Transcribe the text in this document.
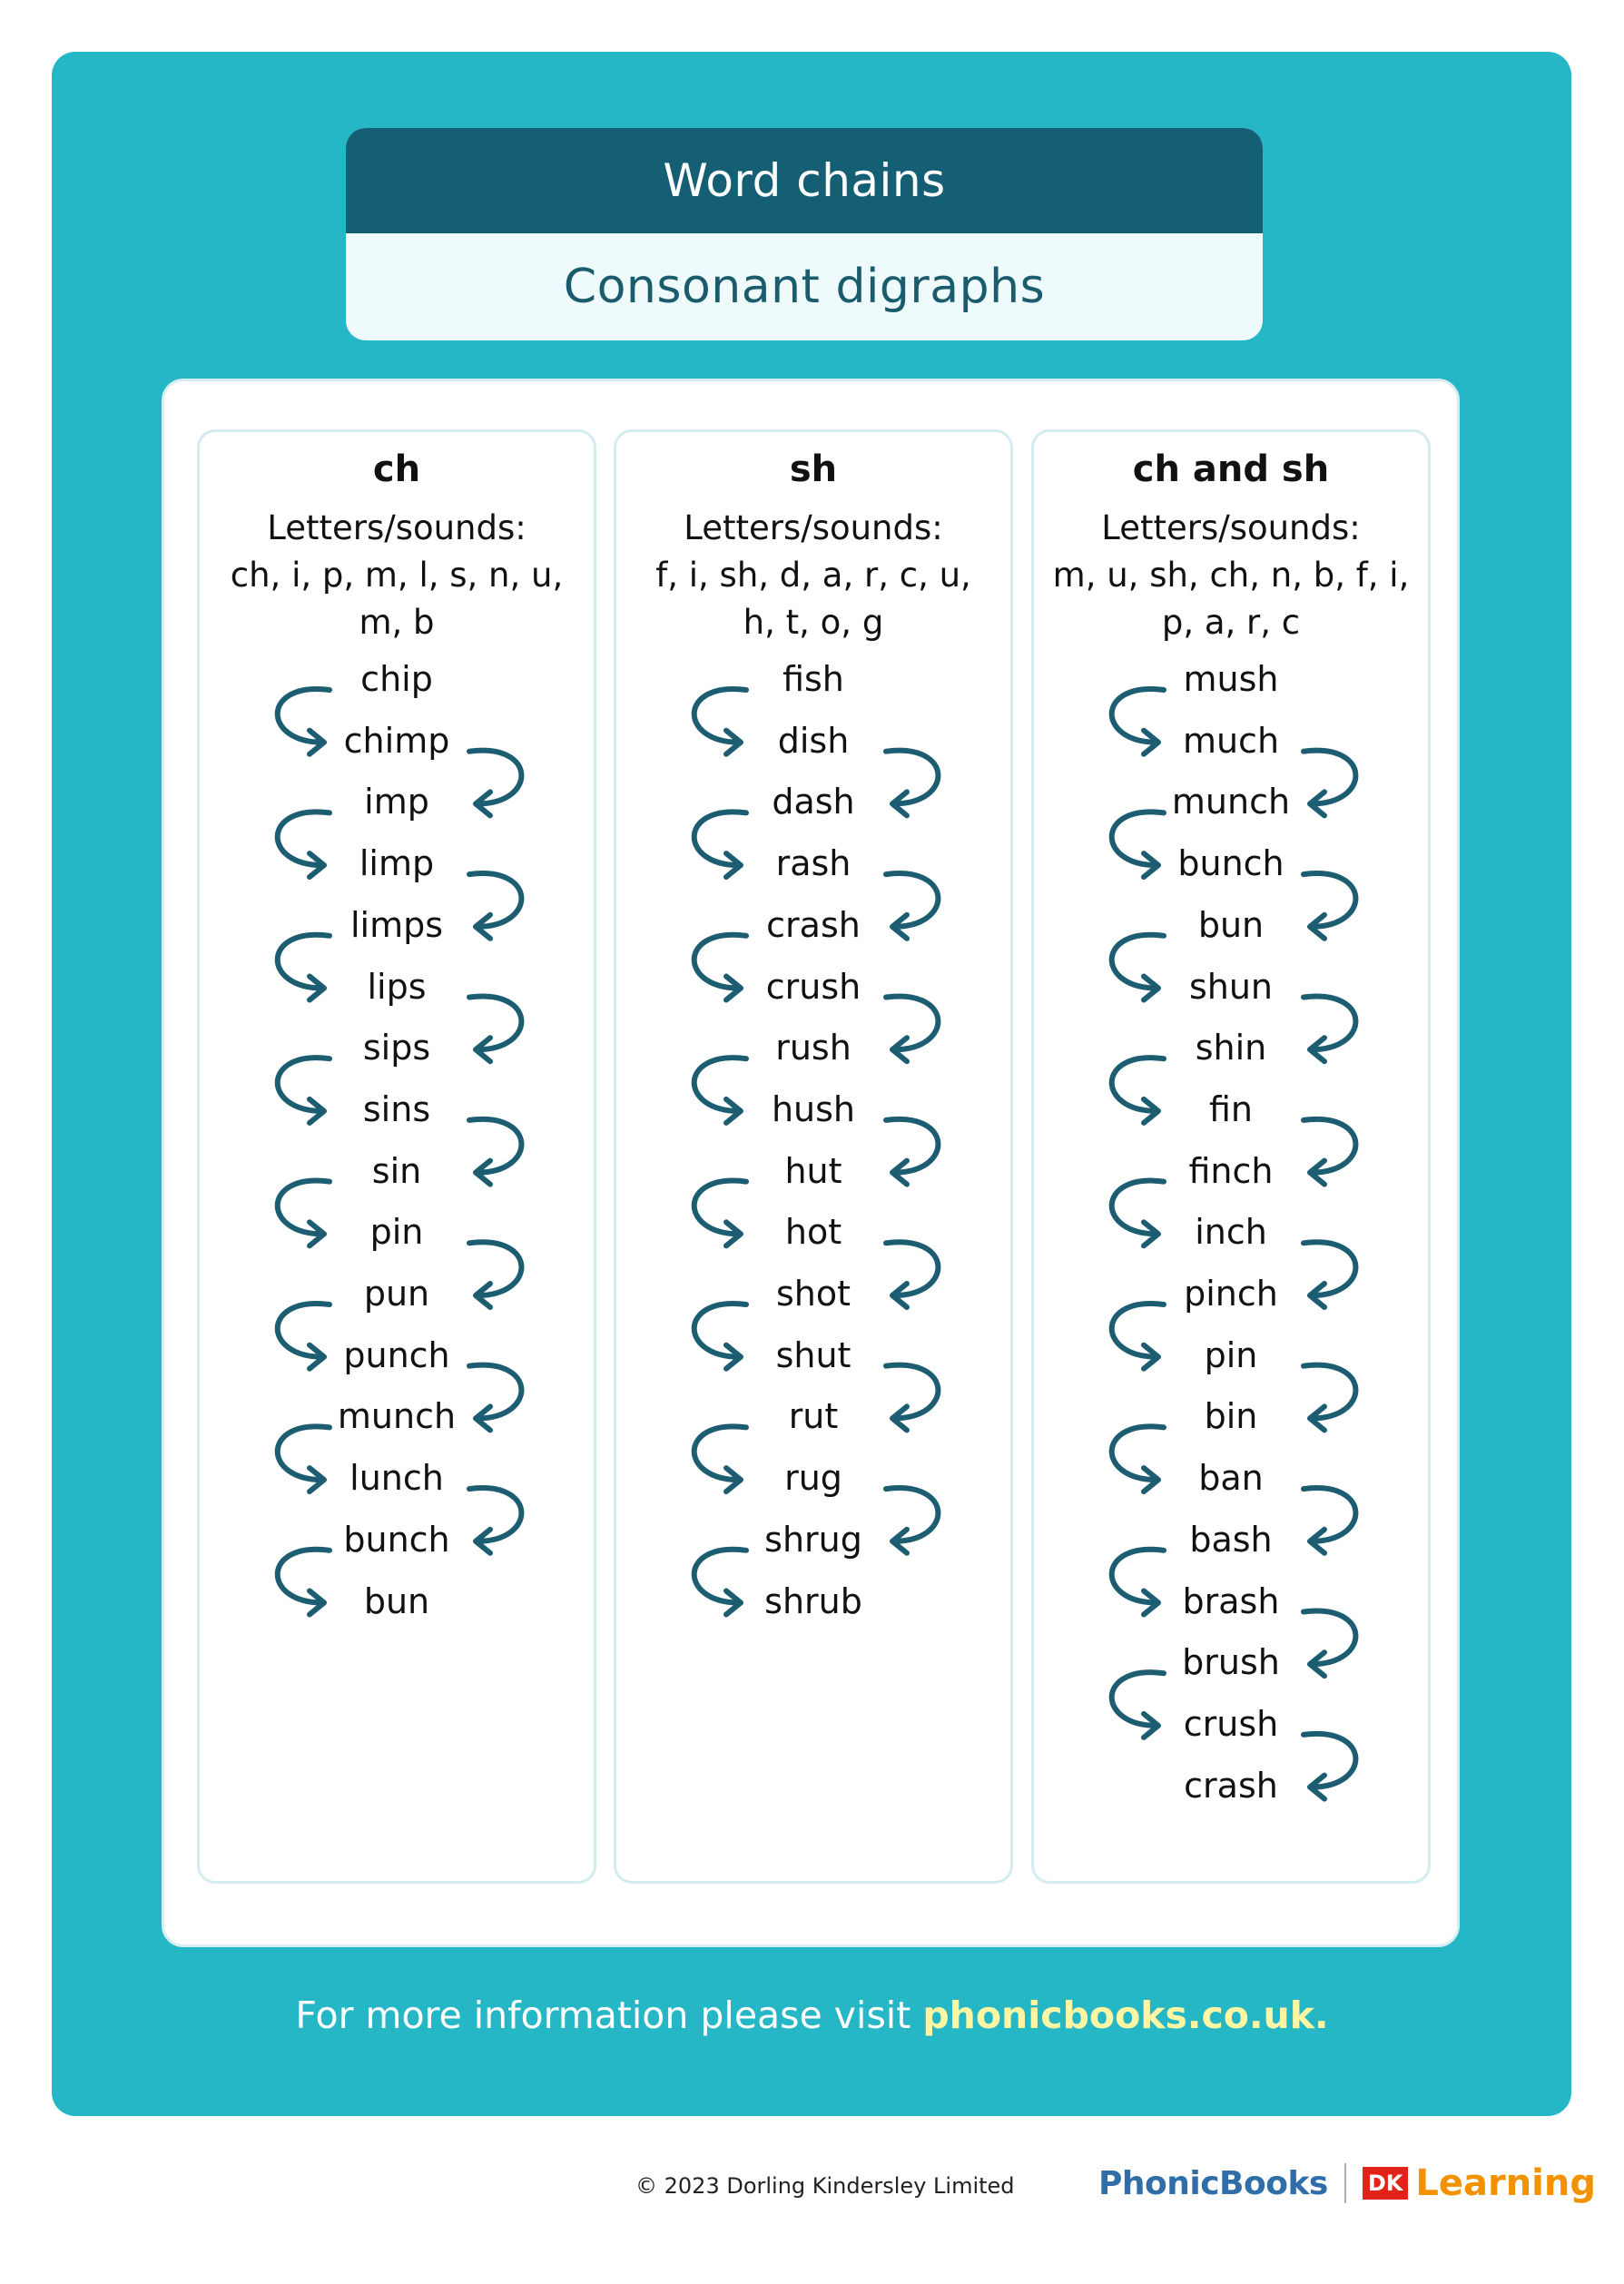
Word chains
Consonant digraphs
ch
Letters/sounds:
ch, i, p, m, l, s, n, u, m, b
chip
chimp
imp
limp
limps
lips
sips
sins
sin
pin
pun
punch
munch
lunch
bunch
bun
sh
Letters/sounds:
f, i, sh, d, a, r, c, u,
h, t, o, g
fish
dish
dash
rash
crash
crush
rush
hush
hut
hot
shot
shut
rut
rug
shrug
shrub
ch and sh
Letters/sounds:
m, u, sh, ch, n, b, f, i,
p, a, r, c
mush
much
munch
bunch
bun
shun
shin
fin
finch
inch
pinch
pin
bin
ban
bash
brash
brush
crush
crash
For more information please visit phonicbooks.co.uk.
© 2023 Dorling Kindersley Limited	PhonicBooks DK Learning
